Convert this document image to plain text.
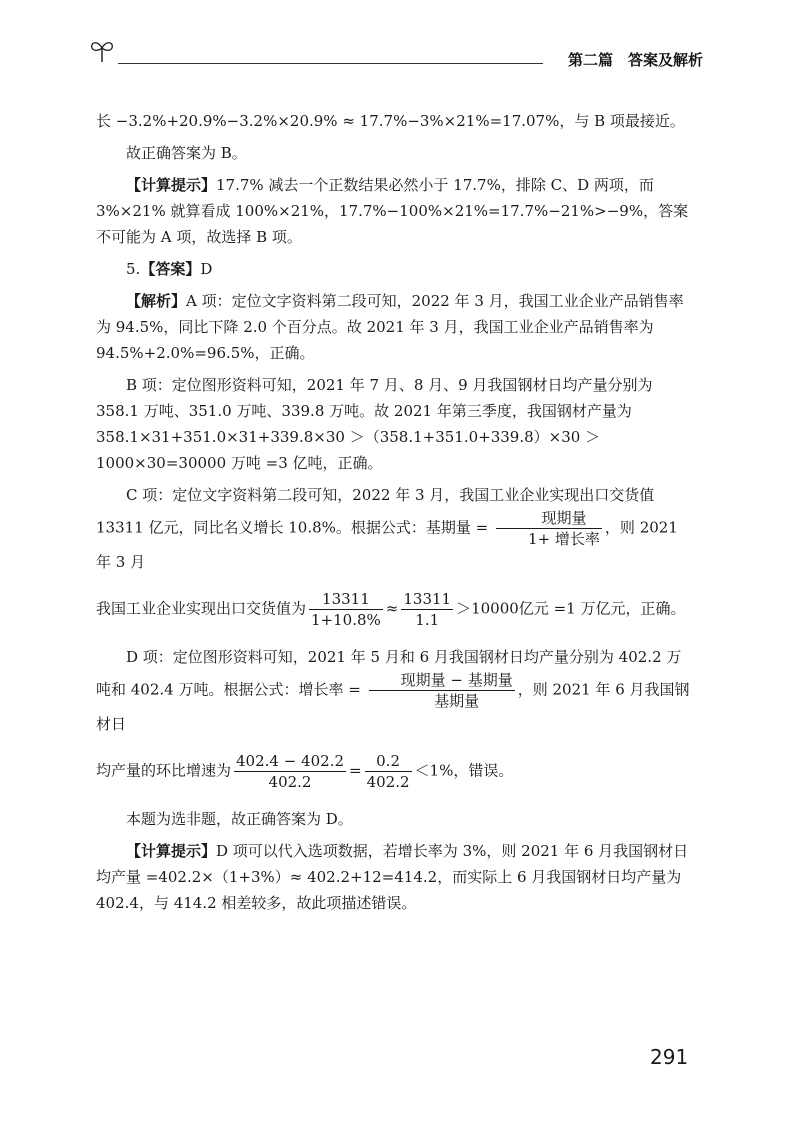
第二篇　答案及解析

长 −3.2%+20.9%−3.2%×20.9% ≈ 17.7%−3%×21%=17.07%，与 B 项最接近。

故正确答案为 B。

【计算提示】17.7% 减去一个正数结果必然小于 17.7%，排除 C、D 两项，而 3%×21% 就算看成 100%×21%，17.7%−100%×21%=17.7%−21%>−9%，答案不可能为 A 项，故选择 B 项。

5.【答案】D

【解析】A 项：定位文字资料第二段可知，2022 年 3 月，我国工业企业产品销售率为 94.5%，同比下降 2.0 个百分点。故 2021 年 3 月，我国工业企业产品销售率为 94.5%+2.0%=96.5%，正确。

B 项：定位图形资料可知，2021 年 7 月、8 月、9 月我国钢材日均产量分别为 358.1 万吨、351.0 万吨、339.8 万吨。故 2021 年第三季度，我国钢材产量为 358.1×31+351.0×31+339.8×30 ＞（358.1+351.0+339.8）×30 ＞ 1000×30=30000 万吨 =3 亿吨，正确。

C 项：定位文字资料第二段可知，2022 年 3 月，我国工业企业实现出口交货值 13311 亿元，同比名义增长 10.8%。根据公式：基期量 = $\frac{\text{现期量}}{\text{1+ 增长率}}$ ，则 2021 年 3 月

我国工业企业实现出口交货值为 $\frac{13311}{1+10.8\%} \approx \frac{13311}{1.1} >10000$亿元 =1 万亿元，正确。

D 项：定位图形资料可知，2021 年 5 月和 6 月我国钢材日均产量分别为 402.2 万吨和 402.4 万吨。根据公式：增长率 = $\frac{\text{现期量 − 基期量}}{\text{基期量}}$ ，则 2021 年 6 月我国钢材日

均产量的环比增速为 $\frac{402.4 - 402.2}{402.2} = \frac{0.2}{402.2} <1\%$，错误。

本题为选非题，故正确答案为 D。

【计算提示】D 项可以代入选项数据，若增长率为 3%，则 2021 年 6 月我国钢材日均产量 =402.2×（1+3%）≈ 402.2+12=414.2，而实际上 6 月我国钢材日均产量为 402.4，与 414.2 相差较多，故此项描述错误。

291
